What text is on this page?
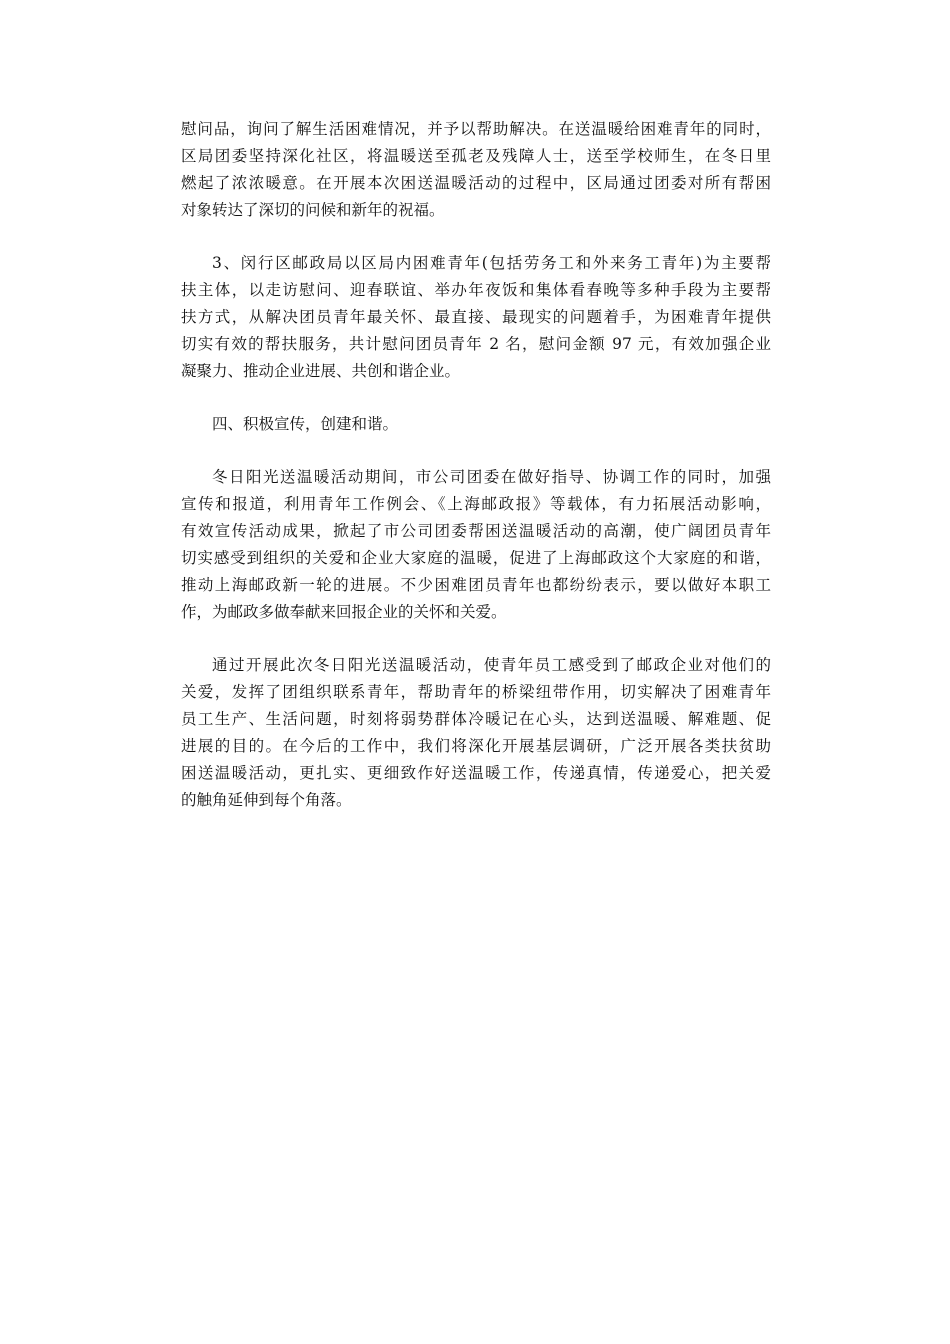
慰问品，询问了解生活困难情况，并予以帮助解决。在送温暖给困难青年的同时，
区局团委坚持深化社区，将温暖送至孤老及残障人士，送至学校师生，在冬日里
燃起了浓浓暖意。在开展本次困送温暖活动的过程中，区局通过团委对所有帮困
对象转达了深切的问候和新年的祝福。

3、闵行区邮政局以区局内困难青年(包括劳务工和外来务工青年)为主要帮
扶主体，以走访慰问、迎春联谊、举办年夜饭和集体看春晚等多种手段为主要帮
扶方式，从解决团员青年最关怀、最直接、最现实的问题着手，为困难青年提供
切实有效的帮扶服务，共计慰问团员青年 2 名，慰问金额 97 元，有效加强企业
凝聚力、推动企业进展、共创和谐企业。

四、积极宣传，创建和谐。

冬日阳光送温暖活动期间，市公司团委在做好指导、协调工作的同时，加强
宣传和报道，利用青年工作例会、《上海邮政报》等载体，有力拓展活动影响，
有效宣传活动成果，掀起了市公司团委帮困送温暖活动的高潮，使广阔团员青年
切实感受到组织的关爱和企业大家庭的温暖，促进了上海邮政这个大家庭的和谐，
推动上海邮政新一轮的进展。不少困难团员青年也都纷纷表示，要以做好本职工
作，为邮政多做奉献来回报企业的关怀和关爱。

通过开展此次冬日阳光送温暖活动，使青年员工感受到了邮政企业对他们的
关爱，发挥了团组织联系青年，帮助青年的桥梁纽带作用，切实解决了困难青年
员工生产、生活问题，时刻将弱势群体冷暖记在心头，达到送温暖、解难题、促
进展的目的。在今后的工作中，我们将深化开展基层调研，广泛开展各类扶贫助
困送温暖活动，更扎实、更细致作好送温暖工作，传递真情，传递爱心，把关爱
的触角延伸到每个角落。
